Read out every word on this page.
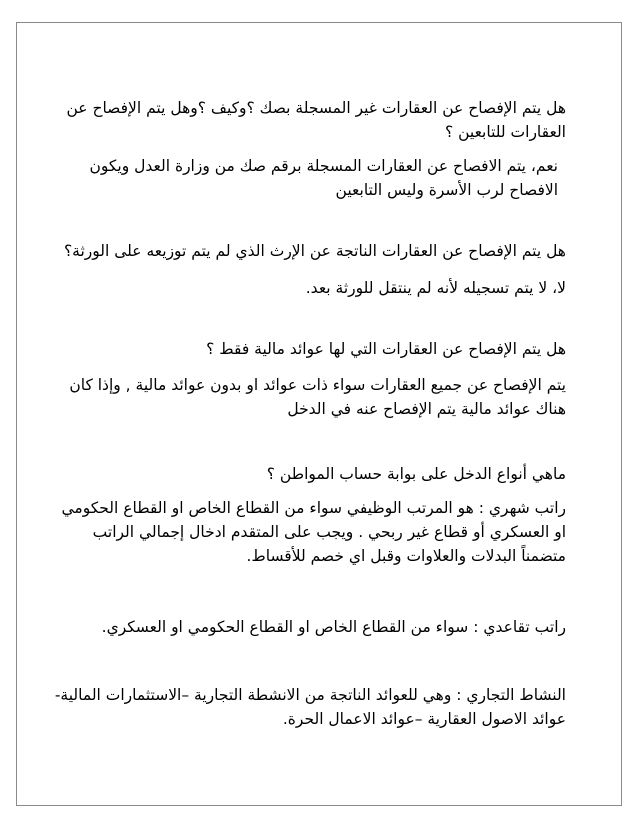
هل يتم الإفصاح عن العقارات غير المسجلة بصك ؟وكيف ؟وهل يتم الإفصاح عن
العقارات للتابعين ؟

نعم، يتم الافصاح عن العقارات المسجلة برقم صك من وزارة العدل ويكون
الافصاح لرب الأسرة وليس التابعين

هل يتم الإفصاح عن العقارات الناتجة عن الإرث الذي لم يتم توزيعه على الورثة؟

لا، لا يتم تسجيله لأنه لم ينتقل للورثة بعد.

هل يتم الإفصاح عن العقارات التي لها عوائد مالية فقط ؟

يتم الإفصاح عن جميع العقارات سواء ذات عوائد او بدون عوائد مالية , وإذا كان
هناك عوائد مالية يتم الإفصاح عنه في الدخل

ماهي أنواع الدخل على بوابة حساب المواطن ؟

راتب شهري : هو المرتب الوظيفي سواء من القطاع الخاص او القطاع الحكومي
او العسكري أو قطاع غير ربحي . ويجب على المتقدم ادخال إجمالي الراتب
متضمناً البدلات والعلاوات وقبل اي خصم للأقساط.

راتب تقاعدي : سواء من القطاع الخاص او القطاع الحكومي او العسكري.

النشاط التجاري : وهي للعوائد الناتجة من الانشطة التجارية –الاستثمارات المالية-
عوائد الاصول العقارية –عوائد الاعمال الحرة.
